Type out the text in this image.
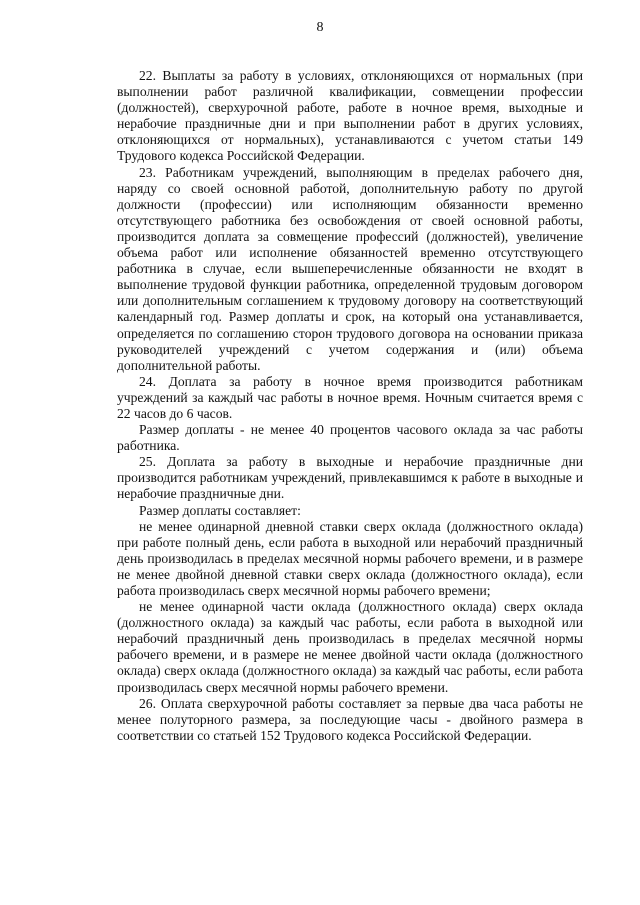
8

22. Выплаты за работу в условиях, отклоняющихся от нормальных (при выполнении работ различной квалификации, совмещении профессии (должностей), сверхурочной работе, работе в ночное время, выходные и нерабочие праздничные дни и при выполнении работ в других условиях, отклоняющихся от нормальных), устанавливаются с учетом статьи 149 Трудового кодекса Российской Федерации.

23. Работникам учреждений, выполняющим в пределах рабочего дня, наряду со своей основной работой, дополнительную работу по другой должности (профессии) или исполняющим обязанности временно отсутствующего работника без освобождения от своей основной работы, производится доплата за совмещение профессий (должностей), увеличение объема работ или исполнение обязанностей временно отсутствующего работника в случае, если вышеперечисленные обязанности не входят в выполнение трудовой функции работника, определенной трудовым договором или дополнительным соглашением к трудовому договору на соответствующий календарный год. Размер доплаты и срок, на который она устанавливается, определяется по соглашению сторон трудового договора на основании приказа руководителей учреждений с учетом содержания и (или) объема дополнительной работы.

24. Доплата за работу в ночное время производится работникам учреждений за каждый час работы в ночное время. Ночным считается время с 22 часов до 6 часов.

Размер доплаты - не менее 40 процентов часового оклада за час работы работника.

25. Доплата за работу в выходные и нерабочие праздничные дни производится работникам учреждений, привлекавшимся к работе в выходные и нерабочие праздничные дни.

Размер доплаты составляет:

не менее одинарной дневной ставки сверх оклада (должностного оклада) при работе полный день, если работа в выходной или нерабочий праздничный день производилась в пределах месячной нормы рабочего времени, и в размере не менее двойной дневной ставки сверх оклада (должностного оклада), если работа производилась сверх месячной нормы рабочего времени;

не менее одинарной части оклада (должностного оклада) сверх оклада (должностного оклада) за каждый час работы, если работа в выходной или нерабочий праздничный день производилась в пределах месячной нормы рабочего времени, и в размере не менее двойной части оклада (должностного оклада) сверх оклада (должностного оклада) за каждый час работы, если работа производилась сверх месячной нормы рабочего времени.

26. Оплата сверхурочной работы составляет за первые два часа работы не менее полуторного размера, за последующие часы - двойного размера в соответствии со статьей 152 Трудового кодекса Российской Федерации.
